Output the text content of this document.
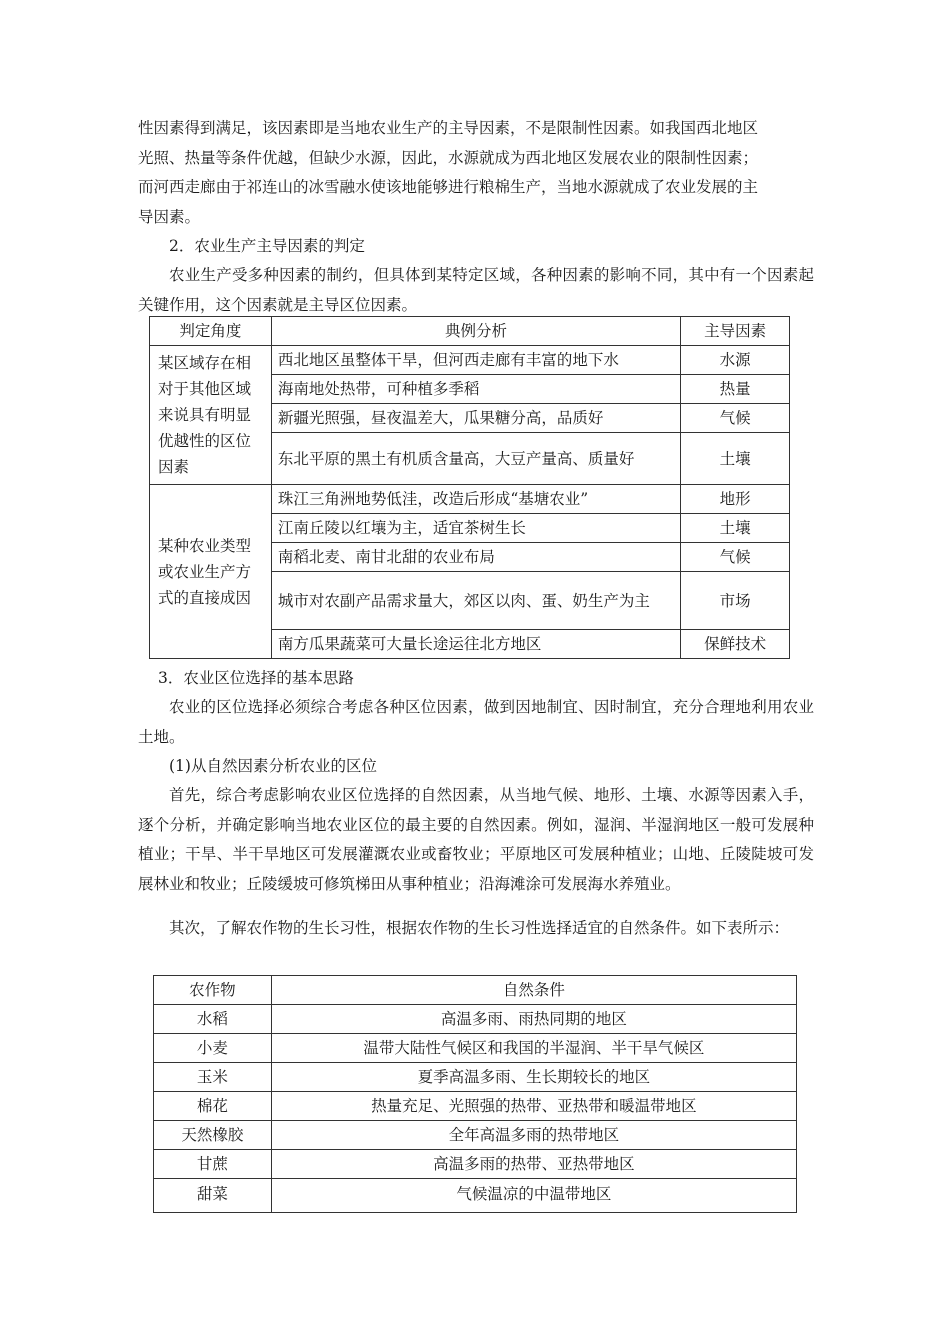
性因素得到满足，该因素即是当地农业生产的主导因素，不是限制性因素。如我国西北地区
光照、热量等条件优越，但缺少水源，因此，水源就成为西北地区发展农业的限制性因素；
而河西走廊由于祁连山的冰雪融水使该地能够进行粮棉生产，当地水源就成了农业发展的主
导因素。

2．农业生产主导因素的判定

农业生产受多种因素的制约，但具体到某特定区域，各种因素的影响不同，其中有一个因素起关键作用，这个因素就是主导区位因素。

判定角度	典例分析	主导因素
某区域存在相对于其他区域来说具有明显优越性的区位因素	西北地区虽整体干旱，但河西走廊有丰富的地下水	水源
	海南地处热带，可种植多季稻	热量
	新疆光照强，昼夜温差大，瓜果糖分高，品质好	气候
	东北平原的黑土有机质含量高，大豆产量高、质量好	土壤
某种农业类型或农业生产方式的直接成因	珠江三角洲地势低洼，改造后形成“基塘农业”	地形
	江南丘陵以红壤为主，适宜茶树生长	土壤
	南稻北麦、南甘北甜的农业布局	气候
	城市对农副产品需求量大，郊区以肉、蛋、奶生产为主	市场
	南方瓜果蔬菜可大量长途运往北方地区	保鲜技术

3．农业区位选择的基本思路

农业的区位选择必须综合考虑各种区位因素，做到因地制宜、因时制宜，充分合理地利用农业土地。

(1)从自然因素分析农业的区位

首先，综合考虑影响农业区位选择的自然因素，从当地气候、地形、土壤、水源等因素入手，逐个分析，并确定影响当地农业区位的最主要的自然因素。例如，湿润、半湿润地区一般可发展种植业；干旱、半干旱地区可发展灌溉农业或畜牧业；平原地区可发展种植业；山地、丘陵陡坡可发展林业和牧业；丘陵缓坡可修筑梯田从事种植业；沿海滩涂可发展海水养殖业。

其次，了解农作物的生长习性，根据农作物的生长习性选择适宜的自然条件。如下表所示：

农作物	自然条件
水稻	高温多雨、雨热同期的地区
小麦	温带大陆性气候区和我国的半湿润、半干旱气候区
玉米	夏季高温多雨、生长期较长的地区
棉花	热量充足、光照强的热带、亚热带和暖温带地区
天然橡胶	全年高温多雨的热带地区
甘蔗	高温多雨的热带、亚热带地区
甜菜	气候温凉的中温带地区
